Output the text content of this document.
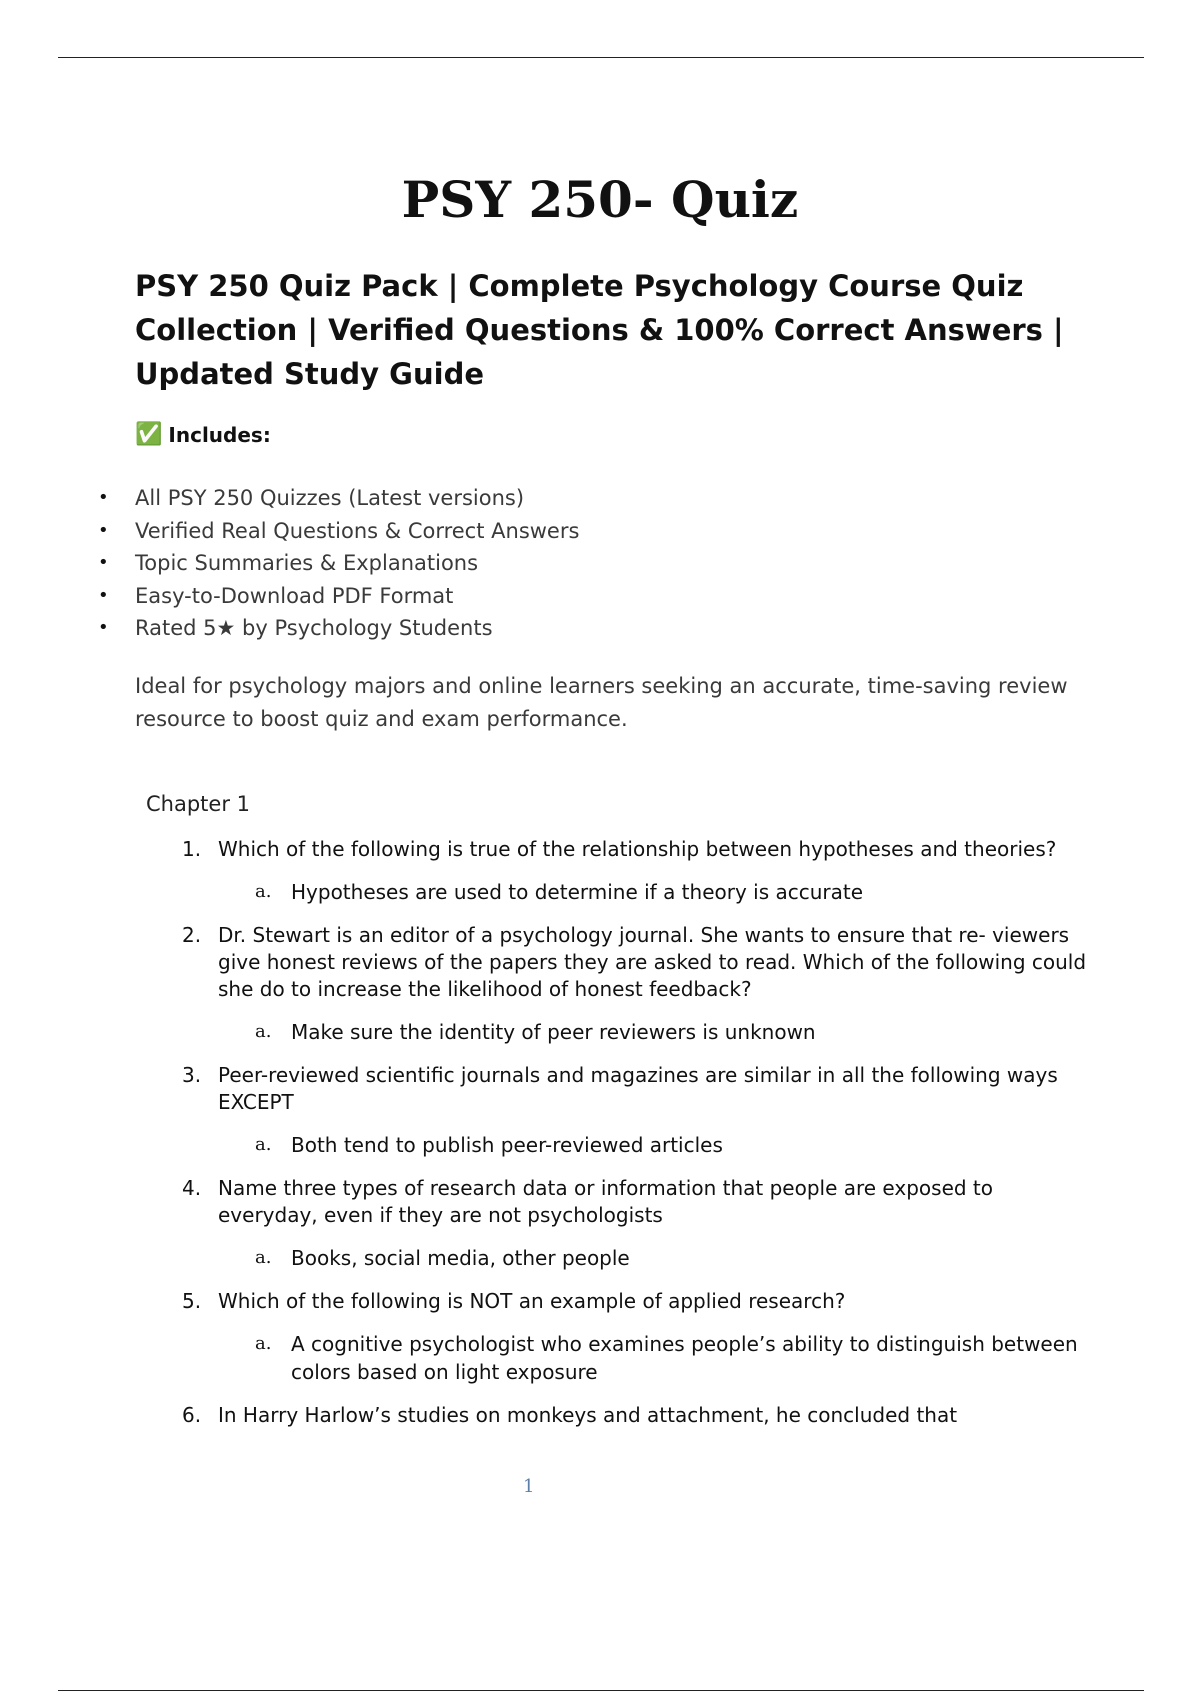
PSY 250- Quiz
PSY 250 Quiz Pack | Complete Psychology Course Quiz Collection | Verified Questions & 100% Correct Answers | Updated Study Guide
✅ Includes:
• All PSY 250 Quizzes (Latest versions)
• Verified Real Questions & Correct Answers
• Topic Summaries & Explanations
• Easy-to-Download PDF Format
• Rated 5★ by Psychology Students

Ideal for psychology majors and online learners seeking an accurate, time-saving review resource to boost quiz and exam performance.

Chapter 1
1. Which of the following is true of the relationship between hypotheses and theories?
a. Hypotheses are used to determine if a theory is accurate
2. Dr. Stewart is an editor of a psychology journal. She wants to ensure that re- viewers give honest reviews of the papers they are asked to read. Which of the following could she do to increase the likelihood of honest feedback?
a. Make sure the identity of peer reviewers is unknown
3. Peer-reviewed scientific journals and magazines are similar in all the following ways EXCEPT
a. Both tend to publish peer-reviewed articles
4. Name three types of research data or information that people are exposed to everyday, even if they are not psychologists
a. Books, social media, other people
5. Which of the following is NOT an example of applied research?
a. A cognitive psychologist who examines people’s ability to distinguish between colors based on light exposure
6. In Harry Harlow’s studies on monkeys and attachment, he concluded that
1
